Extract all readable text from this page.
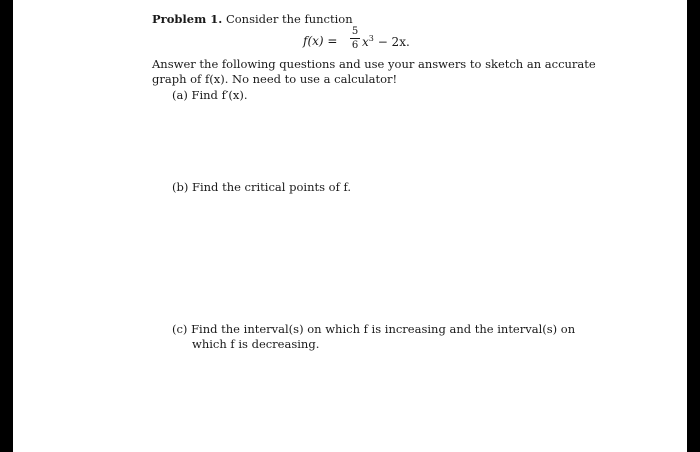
Problem 1. Consider the function
f(x) =
5
6 $x^3 - 2x$.
Answer the following questions and use your answers to sketch an accurate
graph of f(x). No need to use a calculator!
(a) Find f′(x).
(b) Find the critical points of f.
(c) Find the interval(s) on which f is increasing and the interval(s) on
which f is decreasing.
